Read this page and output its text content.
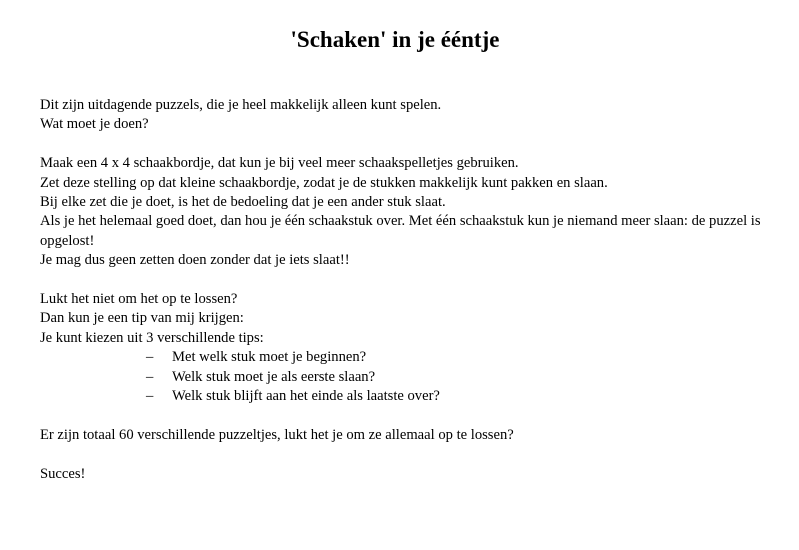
'Schaken' in je ééntje

Dit zijn uitdagende puzzels, die je heel makkelijk alleen kunt spelen.

Wat moet je doen?

Maak een 4 x 4 schaakbordje, dat kun je bij veel meer schaakspelletjes gebruiken.

Zet deze stelling op dat kleine schaakbordje, zodat je de stukken makkelijk kunt pakken en slaan.

Bij elke zet die je doet, is het de bedoeling dat je een ander stuk slaat.

Als je het helemaal goed doet, dan hou je één schaakstuk over. Met één schaakstuk kun je niemand meer slaan: de puzzel is opgelost!

Je mag dus geen zetten doen zonder dat je iets slaat!!

Lukt het niet om het op te lossen?

Dan kun je een tip van mij krijgen:

Je kunt kiezen uit 3 verschillende tips:

– Met welk stuk moet je beginnen?
– Welk stuk moet je als eerste slaan?
– Welk stuk blijft aan het einde als laatste over?

Er zijn totaal 60 verschillende puzzeltjes, lukt het je om ze allemaal op te lossen?

Succes!
